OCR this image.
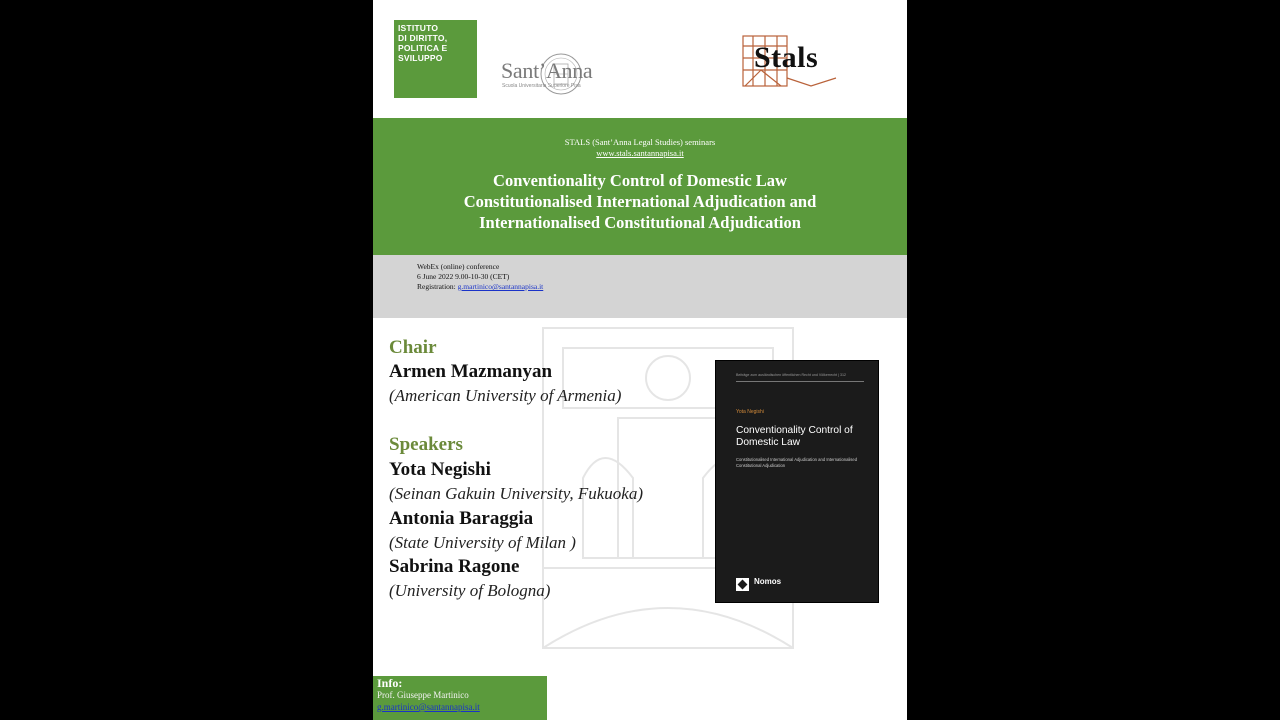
ISTITUTO
DI DIRITTO,
POLITICA E
SVILUPPO	Sant’Anna
Scuola Universitaria Superiore Pisa
Stals
STALS (Sant’Anna Legal Studies) seminars
www.stals.santannapisa.it
Conventionality Control of Domestic Law
Constitutionalised International Adjudication and
Internationalised Constitutional Adjudication
WebEx (online) conference
6 June 2022 9.00-10-30 (CET)
Registration: g.martinico@santannapisa.it
Chair
Armen Mazmanyan
(American University of Armenia)
Speakers
Yota Negishi
(Seinan Gakuin University, Fukuoka)
Antonia Baraggia
(State University of Milan )
Sabrina Ragone
(University of Bologna)
Beiträge zum ausländischen öffentlichen Recht und Völkerrecht | 312
Yota Negishi
Conventionality Control of Domestic Law
Constitutionalised International Adjudication and Internationalised Constitutional Adjudication
Nomos
Info:
Prof. Giuseppe Martinico
g.martinico@santannapisa.it
